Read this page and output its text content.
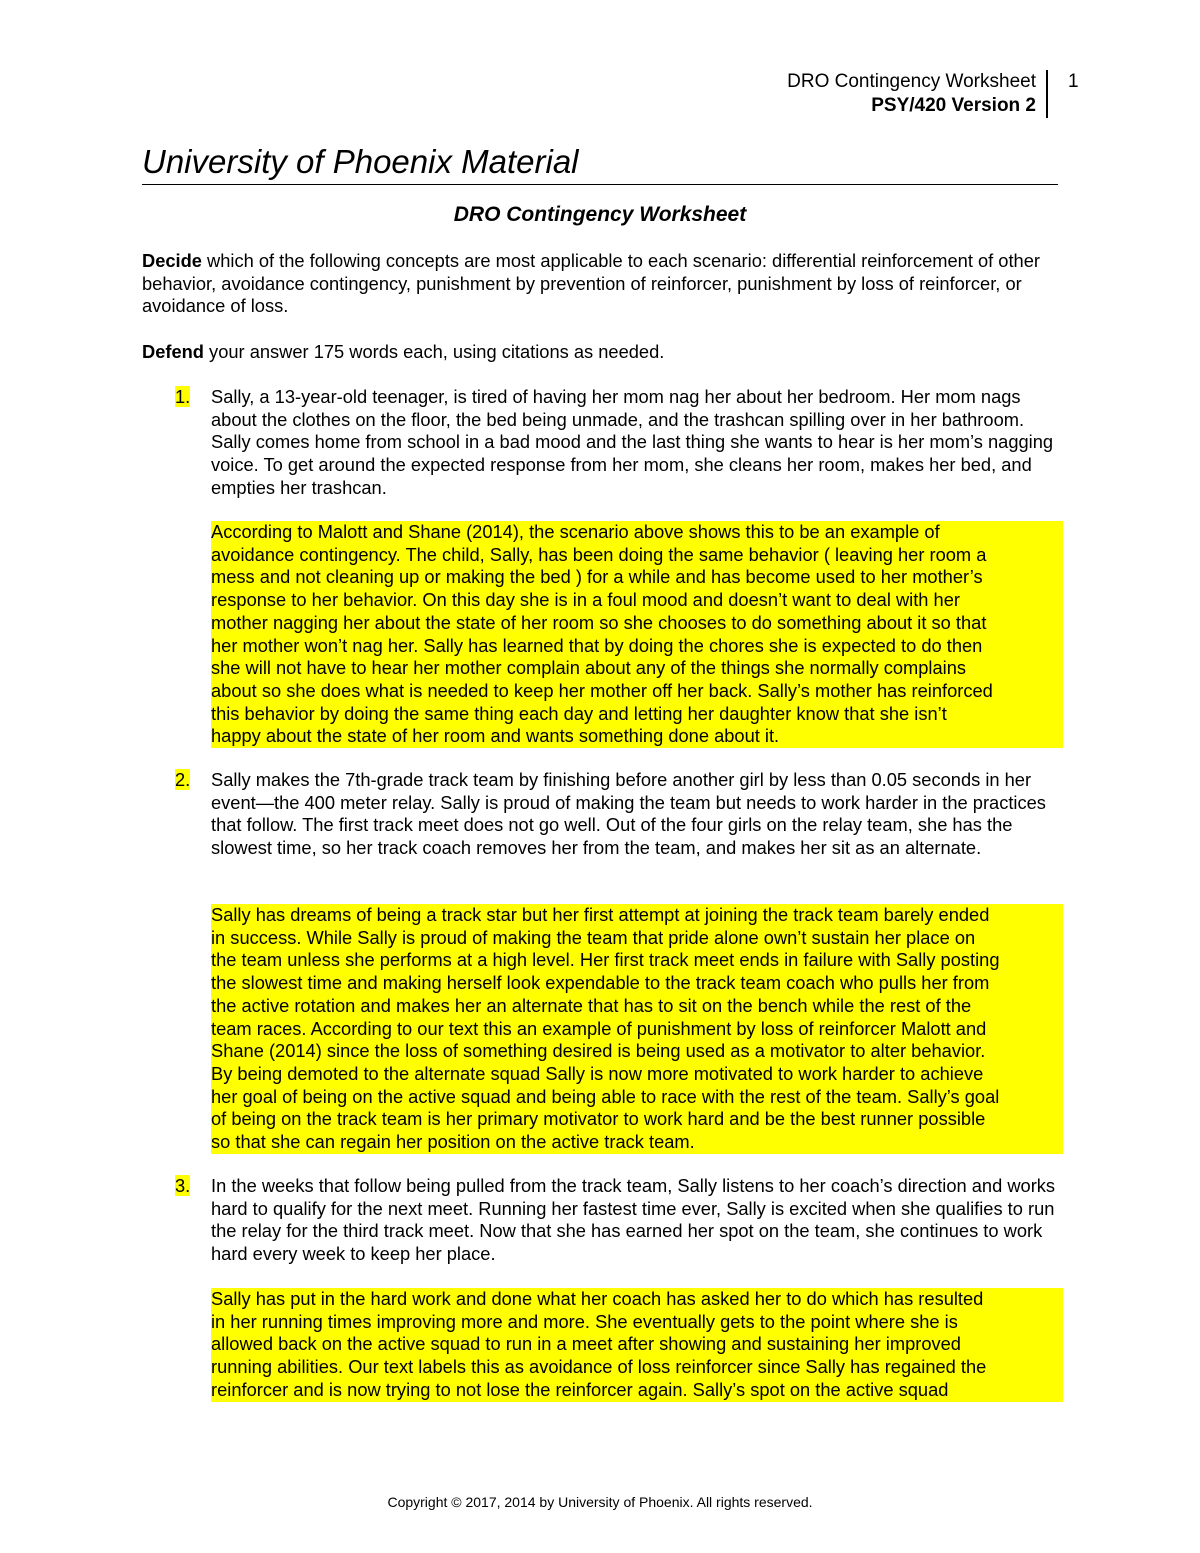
DRO Contingency Worksheet
PSY/420 Version 2
1
University of Phoenix Material
DRO Contingency Worksheet
Decide which of the following concepts are most applicable to each scenario: differential reinforcement of other behavior, avoidance contingency, punishment by prevention of reinforcer, punishment by loss of reinforcer, or avoidance of loss.
Defend your answer 175 words each, using citations as needed.
1. Sally, a 13-year-old teenager, is tired of having her mom nag her about her bedroom. Her mom nags about the clothes on the floor, the bed being unmade, and the trashcan spilling over in her bathroom. Sally comes home from school in a bad mood and the last thing she wants to hear is her mom’s nagging voice. To get around the expected response from her mom, she cleans her room, makes her bed, and empties her trashcan.
According to Malott and Shane (2014), the scenario above shows this to be an example of
avoidance contingency. The child, Sally, has been doing the same behavior ( leaving her room a
mess and not cleaning up or making the bed ) for a while and has become used to her mother’s
response to her behavior. On this day she is in a foul mood and doesn’t want to deal with her
mother nagging her about the state of her room so she chooses to do something about it so that
her mother won’t nag her. Sally has learned that by doing the chores she is expected to do then
she will not have to hear her mother complain about any of the things she normally complains
about so she does what is needed to keep her mother off her back. Sally’s mother has reinforced
this behavior by doing the same thing each day and letting her daughter know that she isn’t
happy about the state of her room and wants something done about it.
2. Sally makes the 7th-grade track team by finishing before another girl by less than 0.05 seconds in her event—the 400 meter relay. Sally is proud of making the team but needs to work harder in the practices that follow. The first track meet does not go well. Out of the four girls on the relay team, she has the slowest time, so her track coach removes her from the team, and makes her sit as an alternate.
Sally has dreams of being a track star but her first attempt at joining the track team barely ended
in success. While Sally is proud of making the team that pride alone own’t sustain her place on
the team unless she performs at a high level. Her first track meet ends in failure with Sally posting
the slowest time and making herself look expendable to the track team coach who pulls her from
the active rotation and makes her an alternate that has to sit on the bench while the rest of the
team races. According to our text this an example of punishment by loss of reinforcer Malott and
Shane (2014) since the loss of something desired is being used as a motivator to alter behavior.
By being demoted to the alternate squad Sally is now more motivated to work harder to achieve
her goal of being on the active squad and being able to race with the rest of the team. Sally’s goal
of being on the track team is her primary motivator to work hard and be the best runner possible
so that she can regain her position on the active track team.
3. In the weeks that follow being pulled from the track team, Sally listens to her coach’s direction and works hard to qualify for the next meet. Running her fastest time ever, Sally is excited when she qualifies to run the relay for the third track meet. Now that she has earned her spot on the team, she continues to work hard every week to keep her place.
Sally has put in the hard work and done what her coach has asked her to do which has resulted
in her running times improving more and more. She eventually gets to the point where she is
allowed back on the active squad to run in a meet after showing and sustaining her improved
running abilities. Our text labels this as avoidance of loss reinforcer since Sally has regained the
reinforcer and is now trying to not lose the reinforcer again. Sally’s spot on the active squad
Copyright © 2017, 2014 by University of Phoenix. All rights reserved.
